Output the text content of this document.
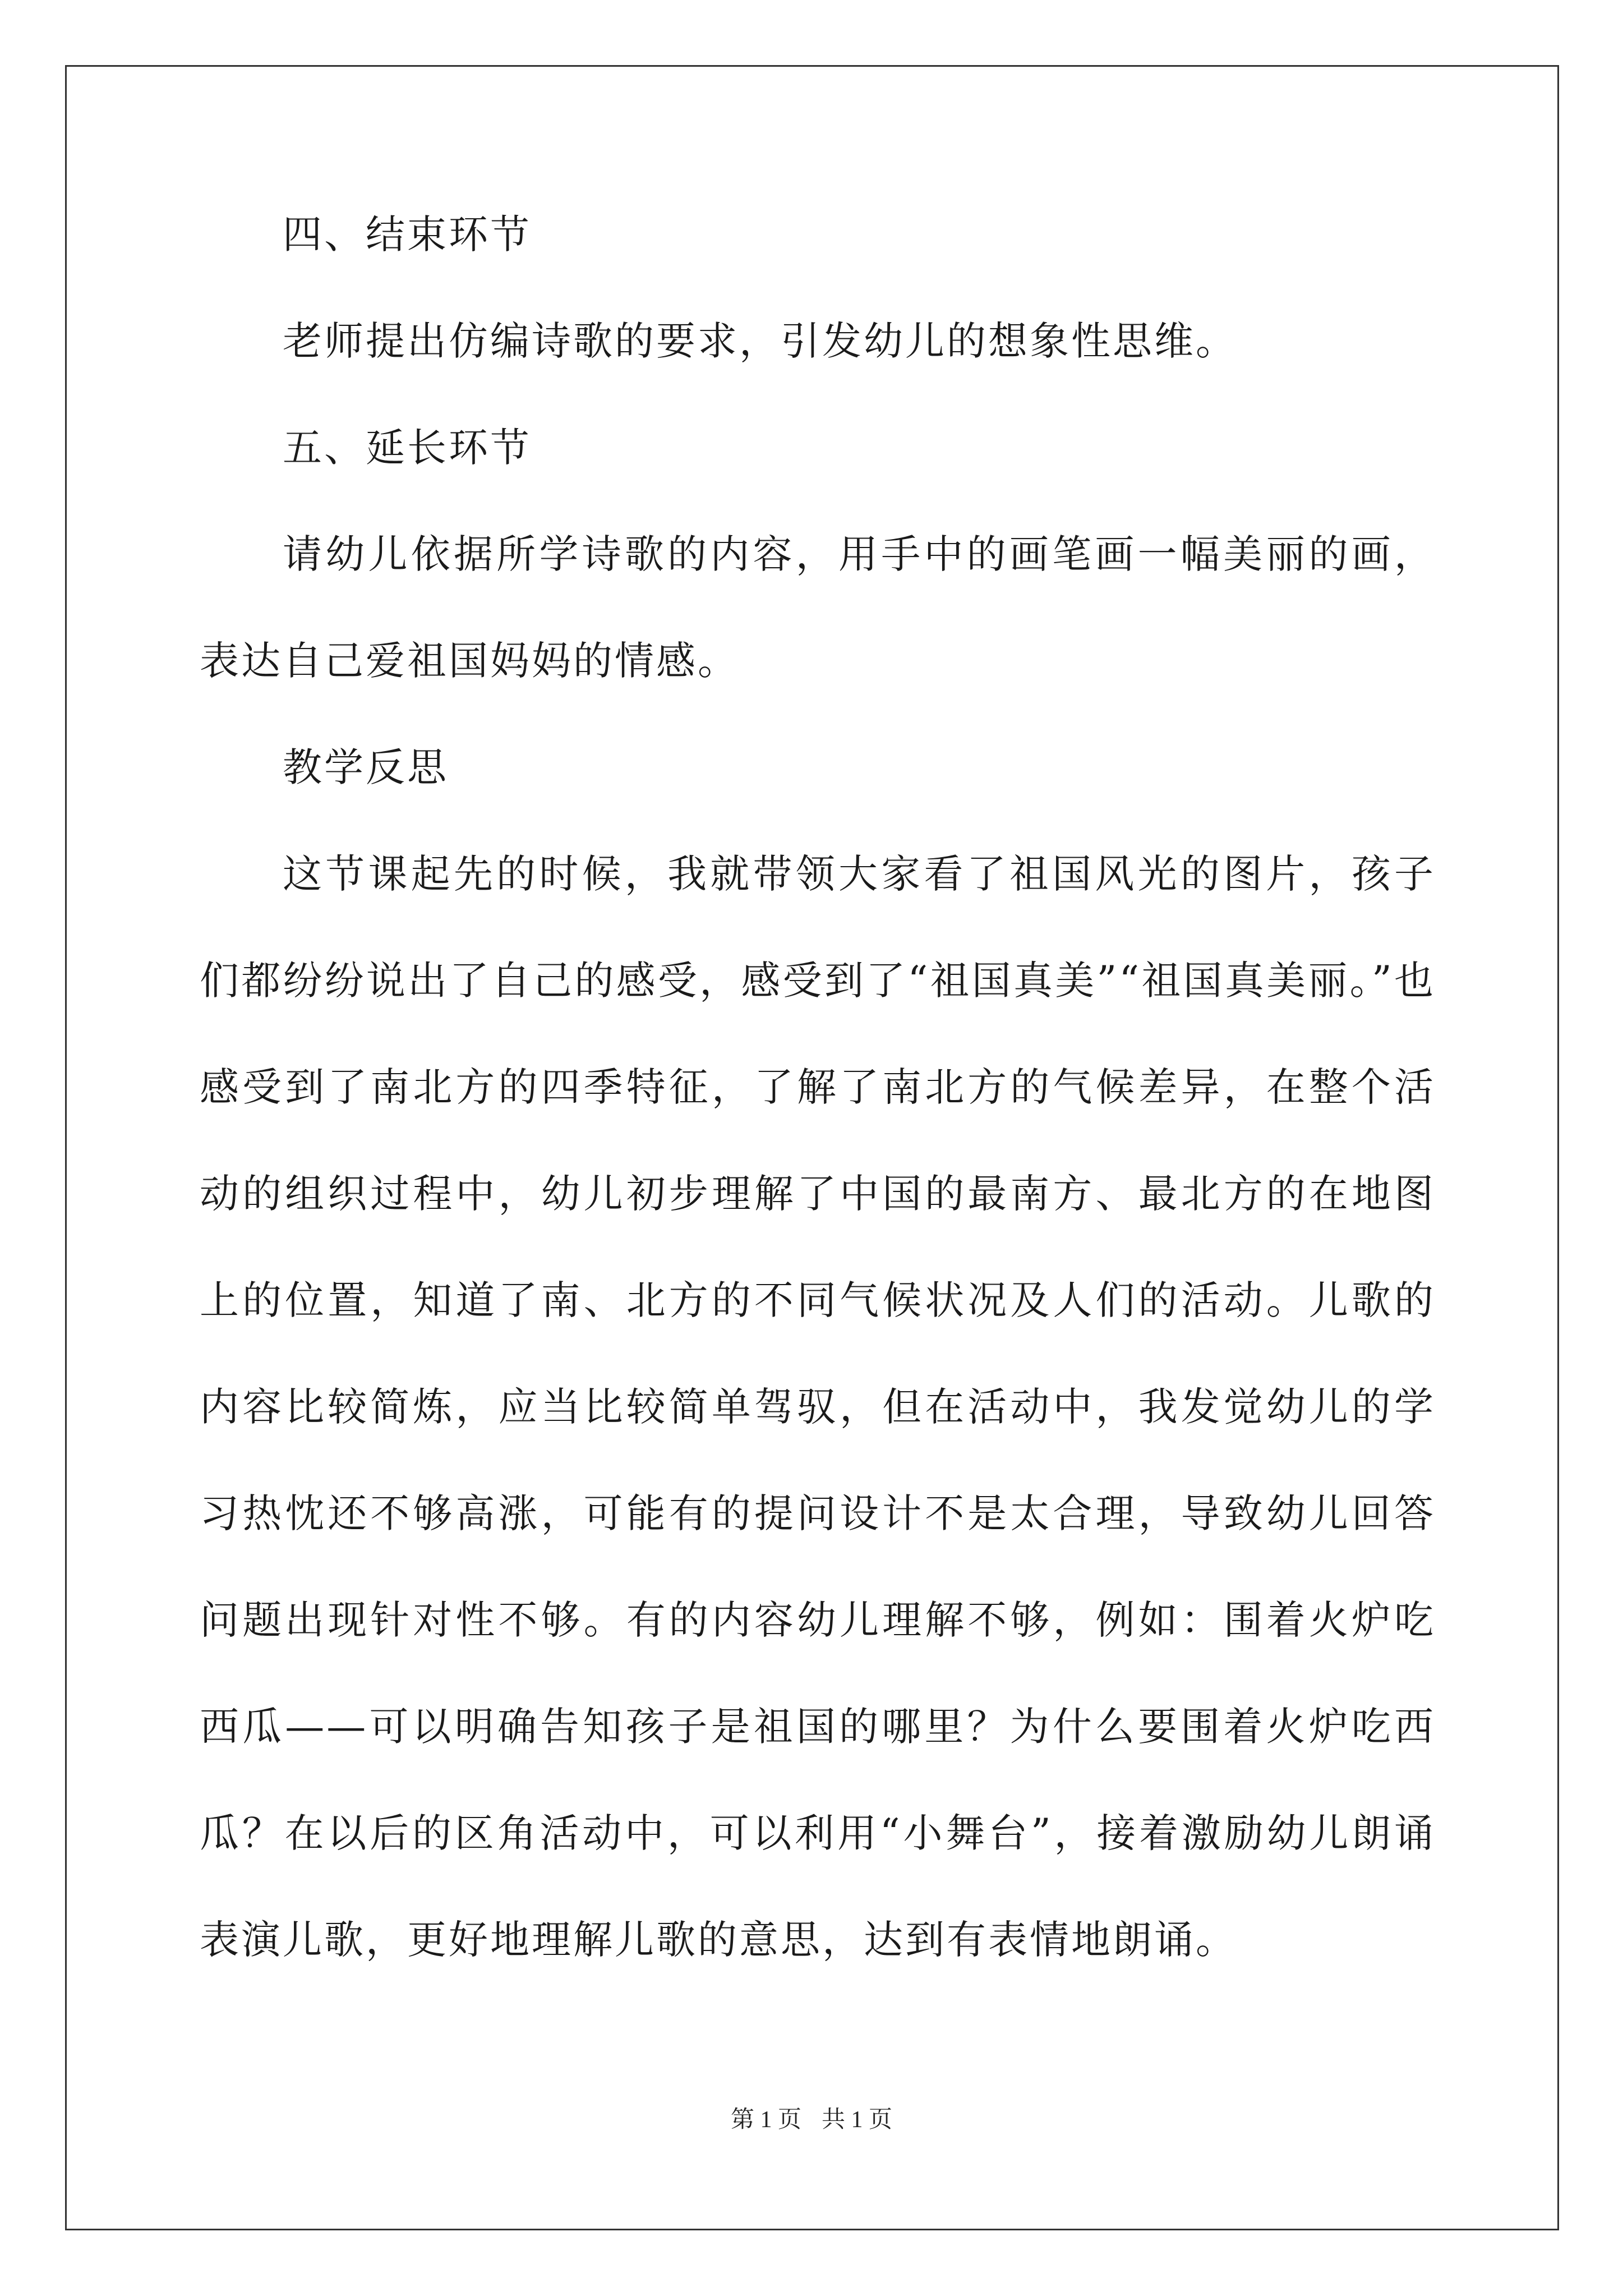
四、结束环节

老师提出仿编诗歌的要求，引发幼儿的想象性思维。

五、延长环节

请幼儿依据所学诗歌的内容，用手中的画笔画一幅美丽的画，表达自己爱祖国妈妈的情感。

教学反思

这节课起先的时候，我就带领大家看了祖国风光的图片，孩子们都纷纷说出了自己的感受，感受到了“祖国真美”“祖国真美丽。”也感受到了南北方的四季特征，了解了南北方的气候差异，在整个活动的组织过程中，幼儿初步理解了中国的最南方、最北方的在地图上的位置，知道了南、北方的不同气候状况及人们的活动。儿歌的内容比较简炼，应当比较简单驾驭，但在活动中，我发觉幼儿的学习热忱还不够高涨，可能有的提问设计不是太合理，导致幼儿回答问题出现针对性不够。有的内容幼儿理解不够，例如：围着火炉吃西瓜——可以明确告知孩子是祖国的哪里？为什么要围着火炉吃西瓜？在以后的区角活动中，可以利用“小舞台”，接着激励幼儿朗诵表演儿歌，更好地理解儿歌的意思，达到有表情地朗诵。

第 1 页 共 1 页
